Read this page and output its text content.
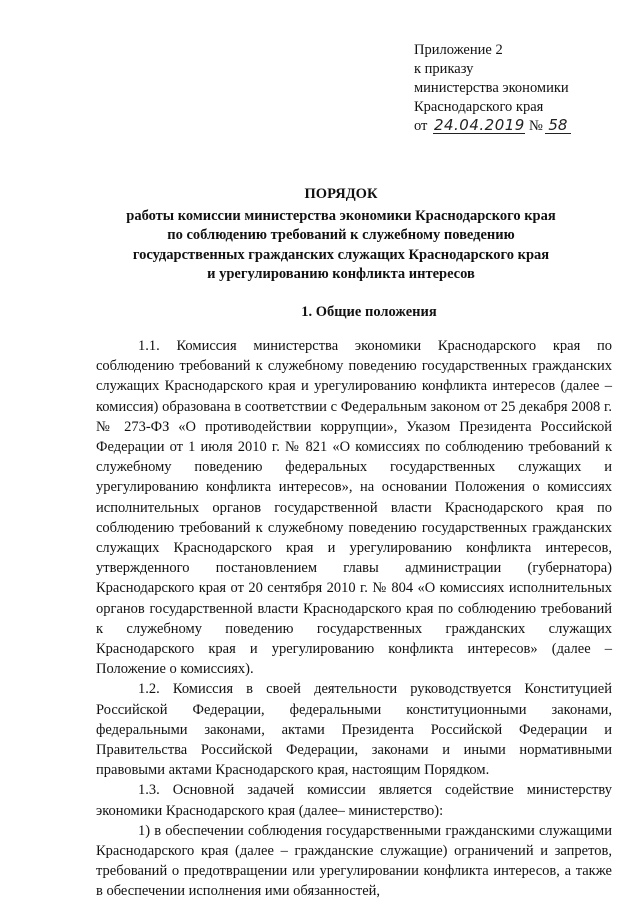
Приложение 2
к приказу
министерства экономики
Краснодарского края
от 24.04.2019 № 58
ПОРЯДОК
работы комиссии министерства экономики Краснодарского края
по соблюдению требований к служебному поведению
государственных гражданских служащих Краснодарского края
и урегулированию конфликта интересов
1. Общие положения

1.1. Комиссия министерства экономики Краснодарского края по соблюдению требований к служебному поведению государственных гражданских служащих Краснодарского края и урегулированию конфликта интересов (далее – комиссия) образована в соответствии с Федеральным законом от 25 декабря 2008 г. № 273-ФЗ «О противодействии коррупции», Указом Президента Российской Федерации от 1 июля 2010 г. № 821 «О комиссиях по соблюдению требований к служебному поведению федеральных государственных служащих и урегулированию конфликта интересов», на основании Положения о комиссиях исполнительных органов государственной власти Краснодарского края по соблюдению требований к служебному поведению государственных гражданских служащих Краснодарского края и урегулированию конфликта интересов, утвержденного постановлением главы администрации (губернатора) Краснодарского края от 20 сентября 2010 г. № 804 «О комиссиях исполнительных органов государственной власти Краснодарского края по соблюдению требований к служебному поведению государственных гражданских служащих Краснодарского края и урегулированию конфликта интересов» (далее – Положение о комиссиях).

1.2. Комиссия в своей деятельности руководствуется Конституцией Российской Федерации, федеральными конституционными законами, федеральными законами, актами Президента Российской Федерации и Правительства Российской Федерации, законами и иными нормативными правовыми актами Краснодарского края, настоящим Порядком.

1.3. Основной задачей комиссии является содействие министерству экономики Краснодарского края (далее– министерство):

1) в обеспечении соблюдения государственными гражданскими служащими Краснодарского края (далее – гражданские служащие) ограничений и запретов, требований о предотвращении или урегулировании конфликта интересов, а также в обеспечении исполнения ими обязанностей,
